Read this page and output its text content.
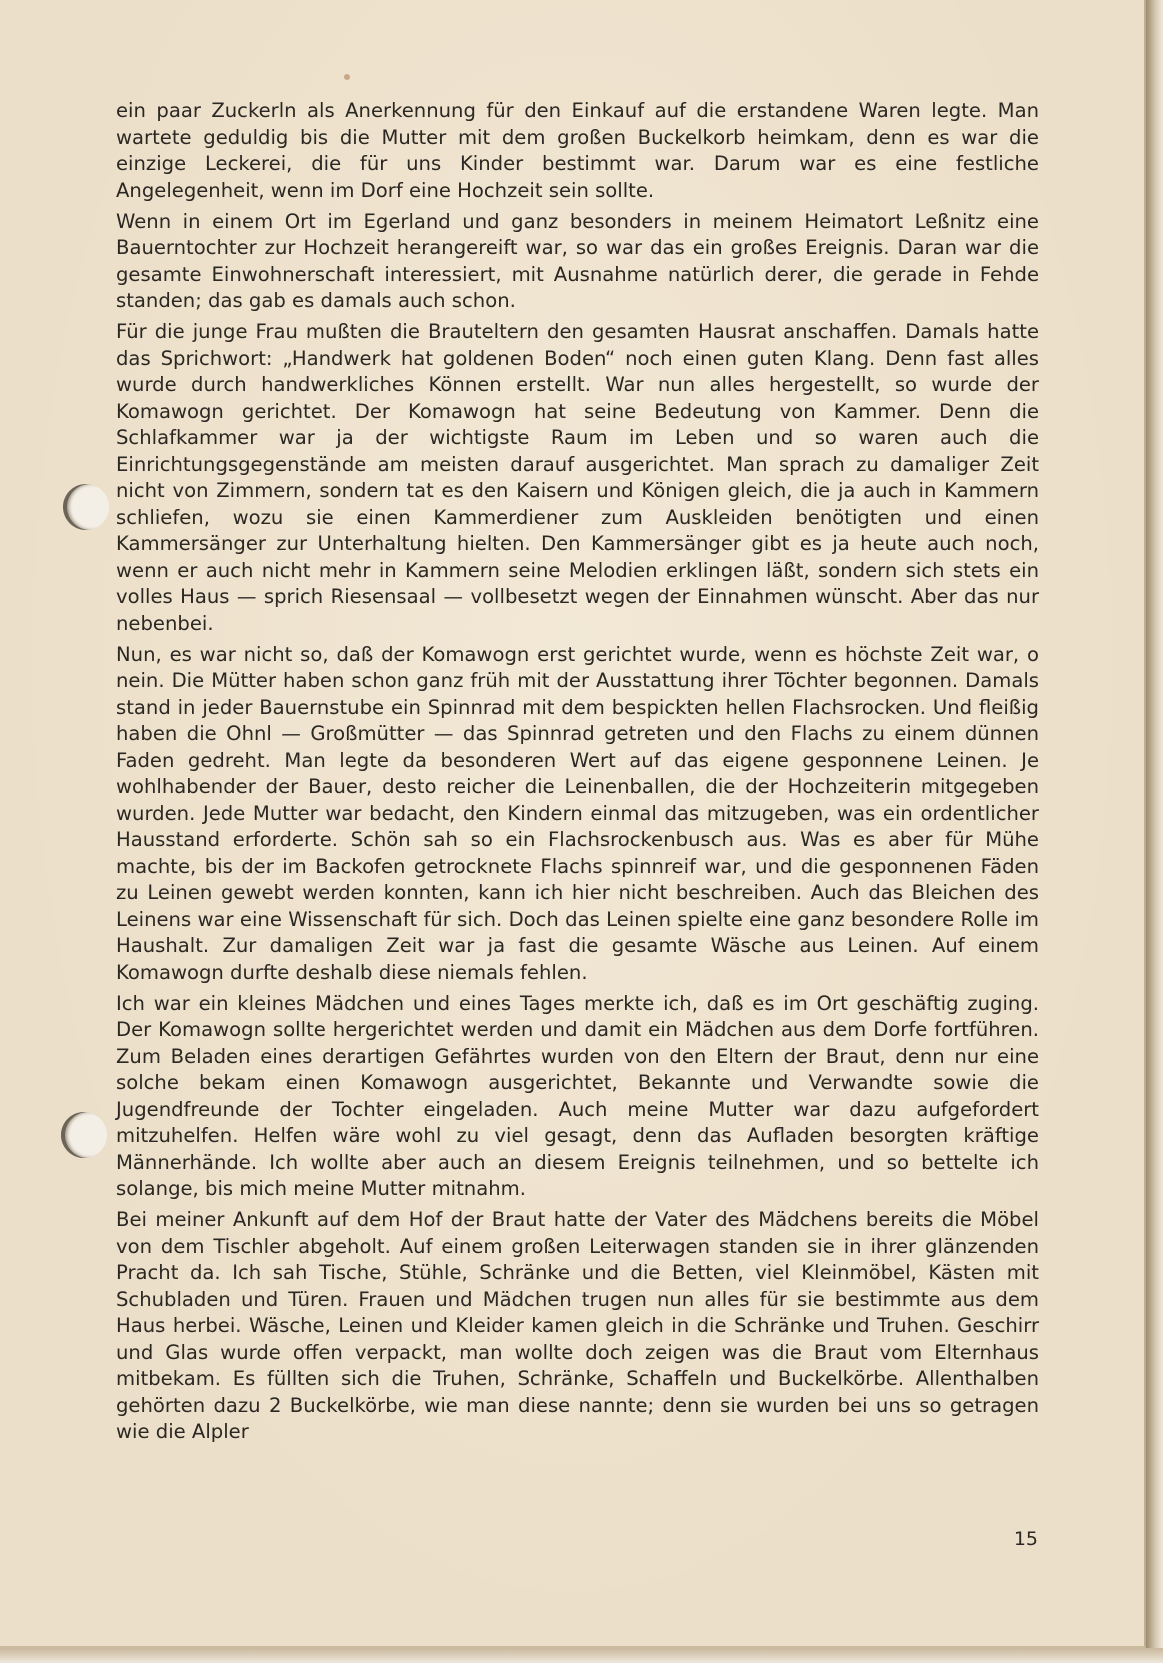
ein paar Zuckerln als Anerkennung für den Einkauf auf die erstandene Waren legte. Man wartete geduldig bis die Mutter mit dem großen Buckelkorb heimkam, denn es war die einzige Leckerei, die für uns Kinder bestimmt war. Darum war es eine festliche Angelegenheit, wenn im Dorf eine Hochzeit sein sollte.

Wenn in einem Ort im Egerland und ganz besonders in meinem Heimatort Leßnitz eine Bauerntochter zur Hochzeit herangereift war, so war das ein großes Ereignis. Daran war die gesamte Einwohnerschaft interessiert, mit Ausnahme natürlich derer, die gerade in Fehde standen; das gab es damals auch schon.

Für die junge Frau mußten die Brauteltern den gesamten Hausrat anschaffen. Damals hatte das Sprichwort: „Handwerk hat goldenen Boden“ noch einen guten Klang. Denn fast alles wurde durch handwerkliches Können erstellt. War nun alles hergestellt, so wurde der Komawogn gerichtet. Der Komawogn hat seine Bedeutung von Kammer. Denn die Schlafkammer war ja der wichtigste Raum im Leben und so waren auch die Einrichtungsgegenstände am meisten darauf ausgerichtet. Man sprach zu damaliger Zeit nicht von Zimmern, sondern tat es den Kaisern und Königen gleich, die ja auch in Kammern schliefen, wozu sie einen Kammerdiener zum Auskleiden benötigten und einen Kammersänger zur Unterhaltung hielten. Den Kammersänger gibt es ja heute auch noch, wenn er auch nicht mehr in Kammern seine Melodien erklingen läßt, sondern sich stets ein volles Haus — sprich Riesensaal — vollbesetzt wegen der Einnahmen wünscht. Aber das nur nebenbei.

Nun, es war nicht so, daß der Komawogn erst gerichtet wurde, wenn es höchste Zeit war, o nein. Die Mütter haben schon ganz früh mit der Ausstattung ihrer Töchter begonnen. Damals stand in jeder Bauernstube ein Spinnrad mit dem bespickten hellen Flachsrocken. Und fleißig haben die Ohnl — Großmütter — das Spinnrad getreten und den Flachs zu einem dünnen Faden gedreht. Man legte da besonderen Wert auf das eigene gesponnene Leinen. Je wohlhabender der Bauer, desto reicher die Leinenballen, die der Hochzeiterin mitgegeben wurden. Jede Mutter war bedacht, den Kindern einmal das mitzugeben, was ein ordentlicher Hausstand erforderte. Schön sah so ein Flachsrockenbusch aus. Was es aber für Mühe machte, bis der im Backofen getrocknete Flachs spinnreif war, und die gesponnenen Fäden zu Leinen gewebt werden konnten, kann ich hier nicht beschreiben. Auch das Bleichen des Leinens war eine Wissenschaft für sich. Doch das Leinen spielte eine ganz besondere Rolle im Haushalt. Zur damaligen Zeit war ja fast die gesamte Wäsche aus Leinen. Auf einem Komawogn durfte deshalb diese niemals fehlen.

Ich war ein kleines Mädchen und eines Tages merkte ich, daß es im Ort geschäftig zuging. Der Komawogn sollte hergerichtet werden und damit ein Mädchen aus dem Dorfe fortführen. Zum Beladen eines derartigen Gefährtes wurden von den Eltern der Braut, denn nur eine solche bekam einen Komawogn ausgerichtet, Bekannte und Verwandte sowie die Jugendfreunde der Tochter eingeladen. Auch meine Mutter war dazu aufgefordert mitzuhelfen. Helfen wäre wohl zu viel gesagt, denn das Aufladen besorgten kräftige Männerhände. Ich wollte aber auch an diesem Ereignis teilnehmen, und so bettelte ich solange, bis mich meine Mutter mitnahm.

Bei meiner Ankunft auf dem Hof der Braut hatte der Vater des Mädchens bereits die Möbel von dem Tischler abgeholt. Auf einem großen Leiterwagen standen sie in ihrer glänzenden Pracht da. Ich sah Tische, Stühle, Schränke und die Betten, viel Kleinmöbel, Kästen mit Schubladen und Türen. Frauen und Mädchen trugen nun alles für sie bestimmte aus dem Haus herbei. Wäsche, Leinen und Kleider kamen gleich in die Schränke und Truhen. Geschirr und Glas wurde offen verpackt, man wollte doch zeigen was die Braut vom Elternhaus mitbekam. Es füllten sich die Truhen, Schränke, Schaffeln und Buckelkörbe. Allenthalben gehörten dazu 2 Buckelkörbe, wie man diese nannte; denn sie wurden bei uns so getragen wie die Alpler

15
